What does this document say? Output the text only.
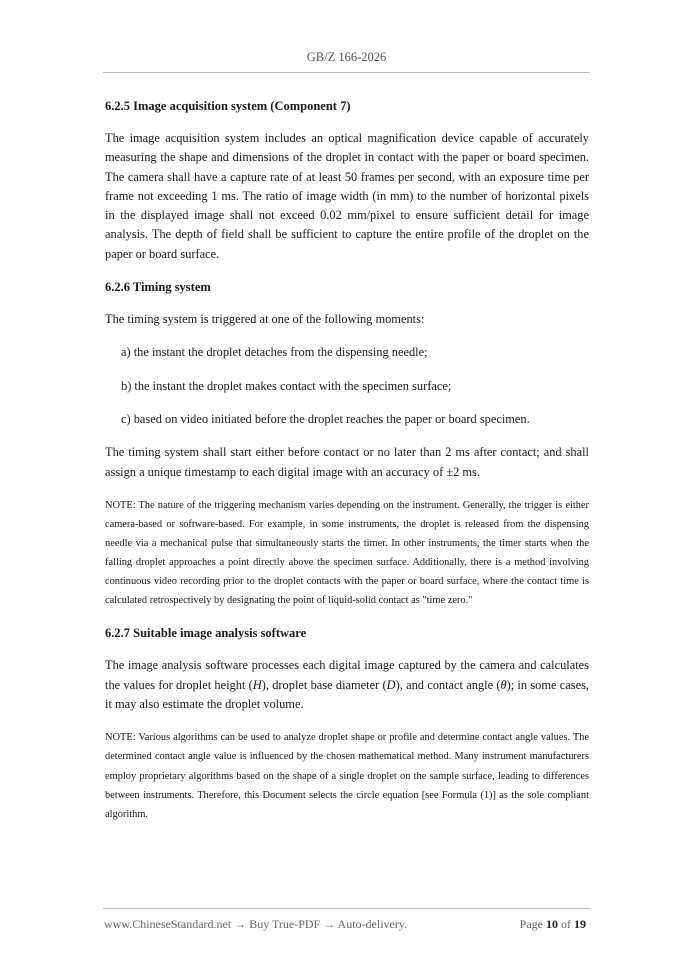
GB/Z 166-2026
6.2.5 Image acquisition system (Component 7)

The image acquisition system includes an optical magnification device capable of accurately measuring the shape and dimensions of the droplet in contact with the paper or board specimen. The camera shall have a capture rate of at least 50 frames per second, with an exposure time per frame not exceeding 1 ms. The ratio of image width (in mm) to the number of horizontal pixels in the displayed image shall not exceed 0.02 mm/pixel to ensure sufficient detail for image analysis. The depth of field shall be sufficient to capture the entire profile of the droplet on the paper or board surface.

6.2.6 Timing system

The timing system is triggered at one of the following moments:

a) the instant the droplet detaches from the dispensing needle;

b) the instant the droplet makes contact with the specimen surface;

c) based on video initiated before the droplet reaches the paper or board specimen.

The timing system shall start either before contact or no later than 2 ms after contact; and shall assign a unique timestamp to each digital image with an accuracy of ±2 ms.

NOTE: The nature of the triggering mechanism varies depending on the instrument. Generally, the trigger is either camera-based or software-based. For example, in some instruments, the droplet is released from the dispensing needle via a mechanical pulse that simultaneously starts the timer. In other instruments, the timer starts when the falling droplet approaches a point directly above the specimen surface. Additionally, there is a method involving continuous video recording prior to the droplet contacts with the paper or board surface, where the contact time is calculated retrospectively by designating the point of liquid-solid contact as "time zero."

6.2.7 Suitable image analysis software

The image analysis software processes each digital image captured by the camera and calculates the values for droplet height (H), droplet base diameter (D), and contact angle (θ); in some cases, it may also estimate the droplet volume.

NOTE: Various algorithms can be used to analyze droplet shape or profile and determine contact angle values. The determined contact angle value is influenced by the chosen mathematical method. Many instrument manufacturers employ proprietary algorithms based on the shape of a single droplet on the sample surface, leading to differences between instruments. Therefore, this Document selects the circle equation [see Formula (1)] as the sole compliant algorithm.

www.ChineseStandard.net → Buy True-PDF → Auto-delivery.	Page 10 of 19
